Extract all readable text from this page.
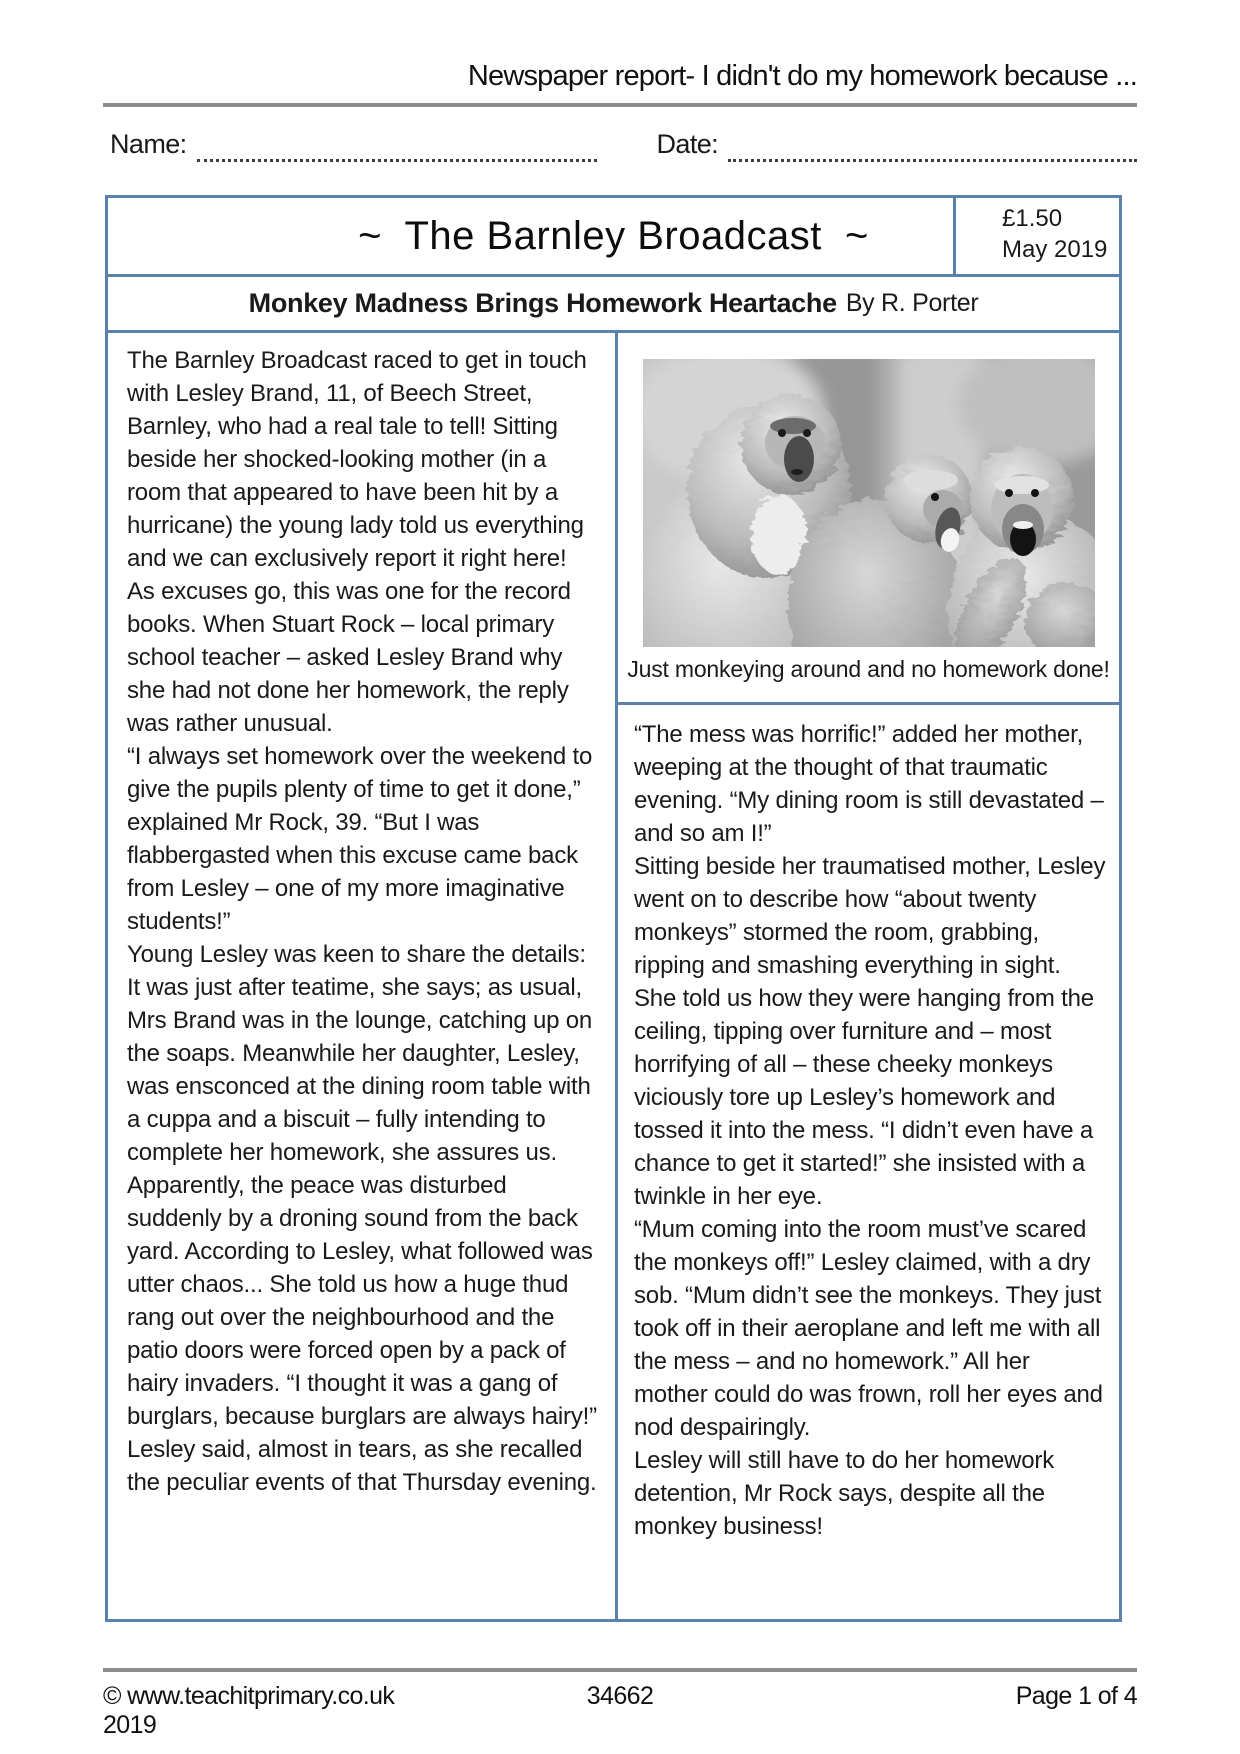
Newspaper report- I didn't do my homework because ...
Name:	Date:
~  The Barnley Broadcast  ~	£1.50
May 2019
Monkey Madness Brings Homework Heartache By R. Porter

The Barnley Broadcast raced to get in touch with Lesley Brand, 11, of Beech Street, Barnley, who had a real tale to tell! Sitting beside her shocked-looking mother (in a room that appeared to have been hit by a hurricane) the young lady told us everything and we can exclusively report it right here!

As excuses go, this was one for the record books. When Stuart Rock – local primary school teacher – asked Lesley Brand why she had not done her homework, the reply was rather unusual.

“I always set homework over the weekend to give the pupils plenty of time to get it done,” explained Mr Rock, 39. “But I was flabbergasted when this excuse came back from Lesley – one of my more imaginative students!”

Young Lesley was keen to share the details: It was just after teatime, she says; as usual, Mrs Brand was in the lounge, catching up on the soaps. Meanwhile her daughter, Lesley, was ensconced at the dining room table with a cuppa and a biscuit – fully intending to complete her homework, she assures us. Apparently, the peace was disturbed suddenly by a droning sound from the back yard. According to Lesley, what followed was utter chaos... She told us how a huge thud rang out over the neighbourhood and the patio doors were forced open by a pack of hairy invaders. “I thought it was a gang of burglars, because burglars are always hairy!” Lesley said, almost in tears, as she recalled the peculiar events of that Thursday evening.

Just monkeying around and no homework done!

“The mess was horrific!” added her mother, weeping at the thought of that traumatic evening. “My dining room is still devastated – and so am I!”

Sitting beside her traumatised mother, Lesley went on to describe how “about twenty monkeys” stormed the room, grabbing, ripping and smashing everything in sight. She told us how they were hanging from the ceiling, tipping over furniture and – most horrifying of all – these cheeky monkeys viciously tore up Lesley’s homework and tossed it into the mess. “I didn’t even have a chance to get it started!” she insisted with a twinkle in her eye.

“Mum coming into the room must’ve scared the monkeys off!” Lesley claimed, with a dry sob. “Mum didn’t see the monkeys. They just took off in their aeroplane and left me with all the mess – and no homework.” All her mother could do was frown, roll her eyes and nod despairingly.

Lesley will still have to do her homework detention, Mr Rock says, despite all the monkey business!

© www.teachitprimary.co.uk 2019
34662	Page 1 of 4
